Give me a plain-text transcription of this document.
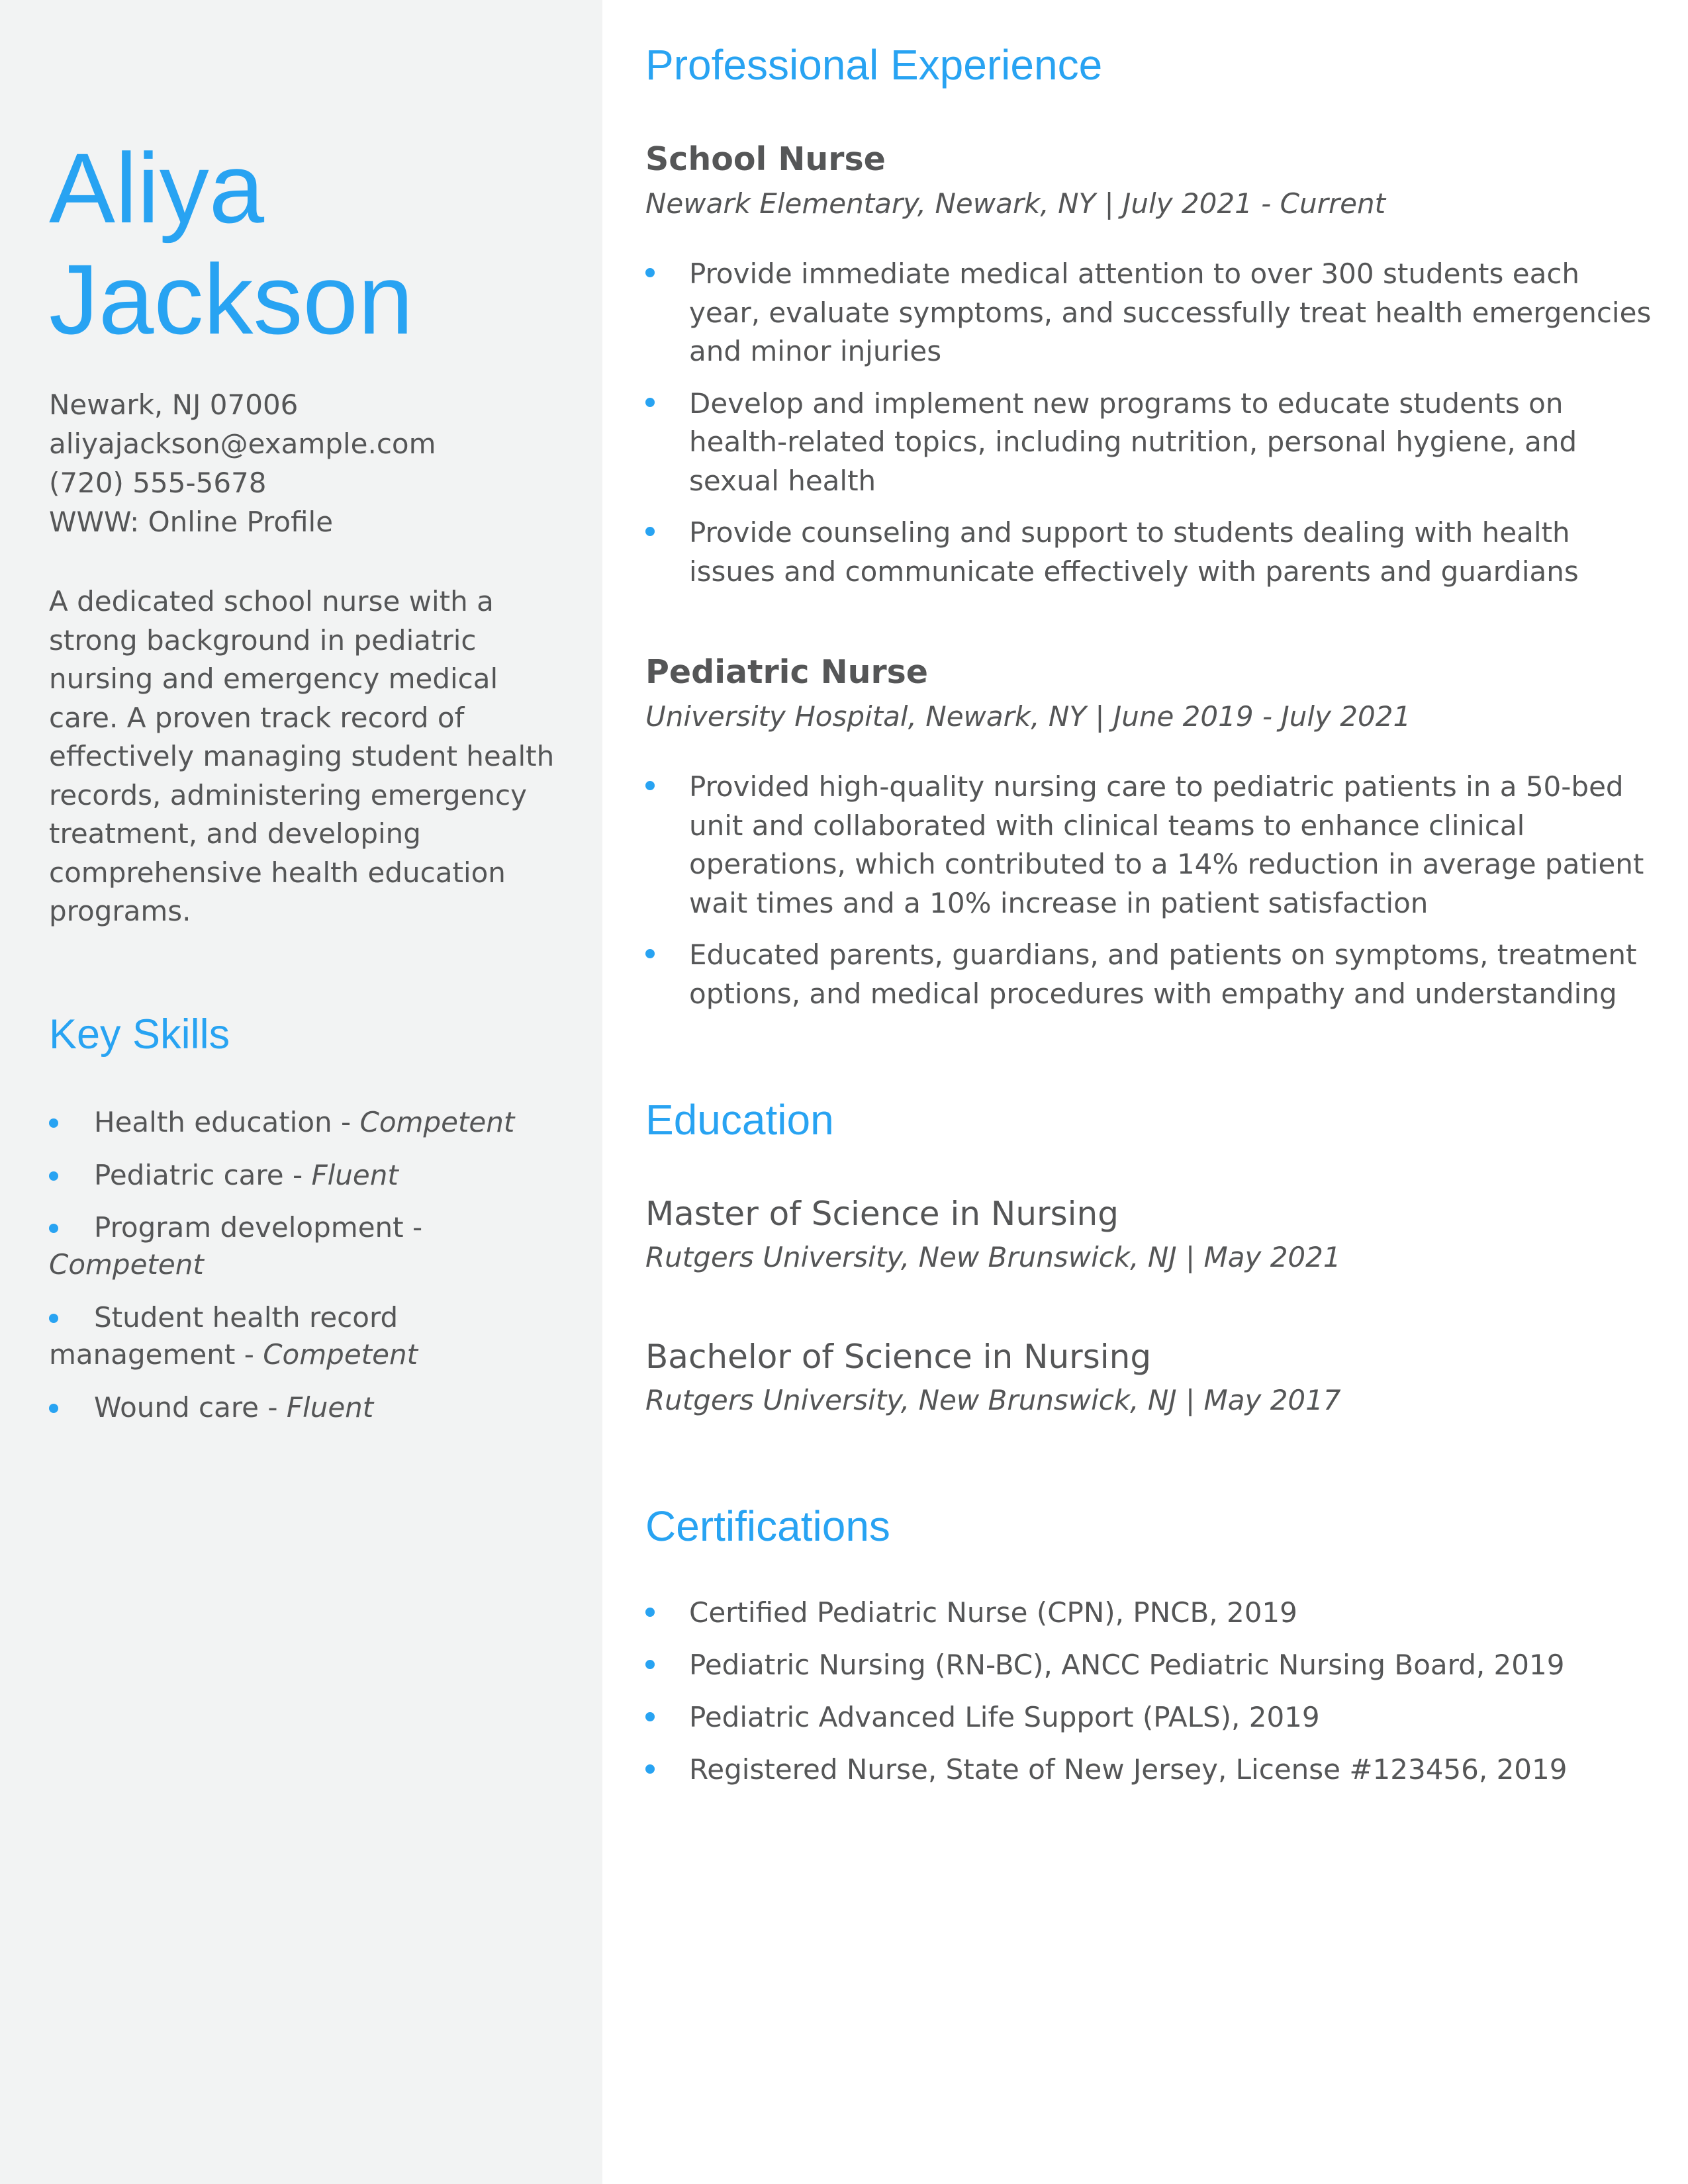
Aliya
Jackson
Newark, NJ 07006
aliyajackson@example.com
(720) 555-5678
WWW: Online Profile

A dedicated school nurse with a strong background in pediatric nursing and emergency medical care. A proven track record of effectively managing student health records, administering emergency treatment, and developing comprehensive health education programs.

Key Skills
Health education - Competent
Pediatric care - Fluent
Program development - Competent
Student health record management - Competent
Wound care - Fluent
Professional Experience
School Nurse

Newark Elementary, Newark, NY | July 2021 - Current

Provide immediate medical attention to over 300 students each year, evaluate symptoms, and successfully treat health emergencies and minor injuries
Develop and implement new programs to educate students on health-related topics, including nutrition, personal hygiene, and sexual health
Provide counseling and support to students dealing with health issues and communicate effectively with parents and guardians
Pediatric Nurse

University Hospital, Newark, NY | June 2019 - July 2021

Provided high-quality nursing care to pediatric patients in a 50-bed unit and collaborated with clinical teams to enhance clinical operations, which contributed to a 14% reduction in average patient wait times and a 10% increase in patient satisfaction
Educated parents, guardians, and patients on symptoms, treatment options, and medical procedures with empathy and understanding
Education
Master of Science in Nursing

Rutgers University, New Brunswick, NJ | May 2021

Bachelor of Science in Nursing

Rutgers University, New Brunswick, NJ | May 2017

Certifications
Certified Pediatric Nurse (CPN), PNCB, 2019
Pediatric Nursing (RN-BC), ANCC Pediatric Nursing Board, 2019
Pediatric Advanced Life Support (PALS), 2019
Registered Nurse, State of New Jersey, License #123456, 2019
